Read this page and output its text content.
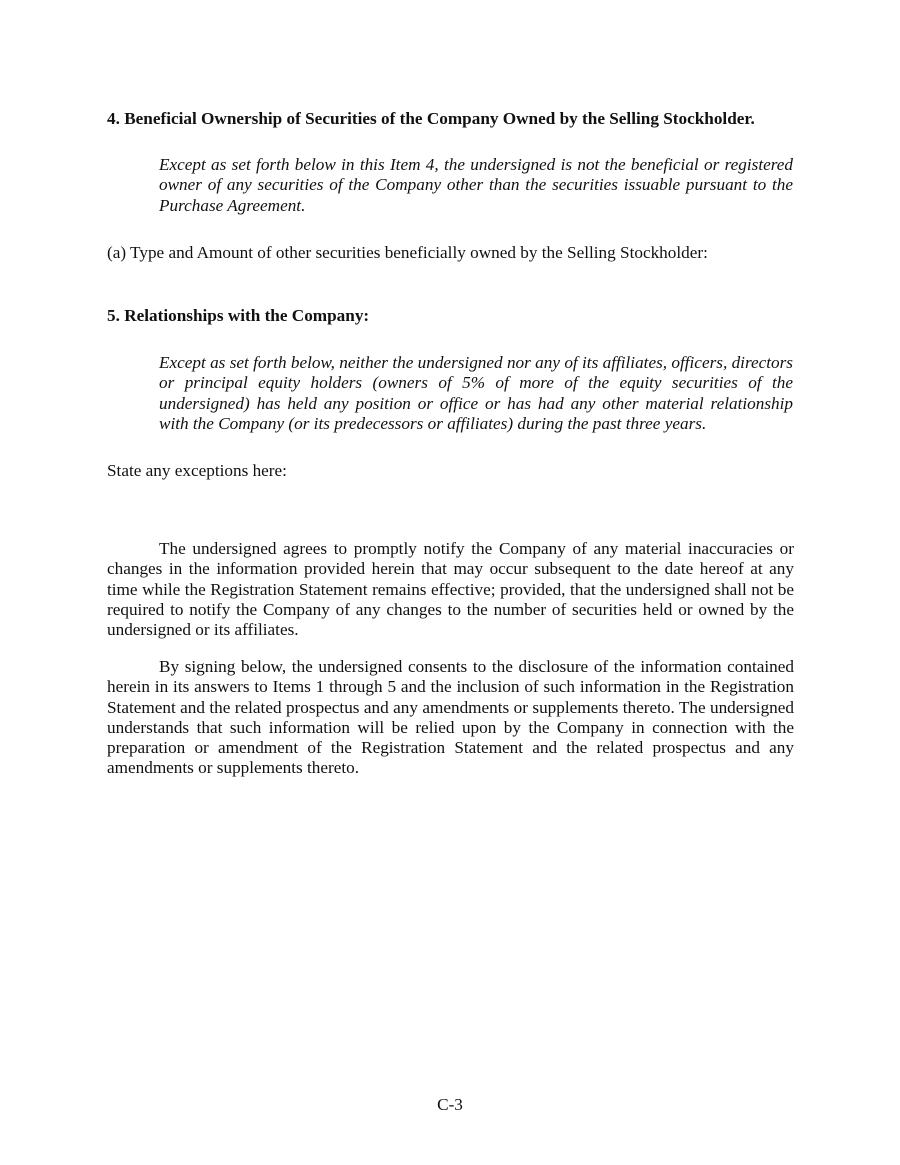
4. Beneficial Ownership of Securities of the Company Owned by the Selling Stockholder.
Except as set forth below in this Item 4, the undersigned is not the beneficial or registered owner of any securities of the Company other than the securities issuable pursuant to the Purchase Agreement.
(a) Type and Amount of other securities beneficially owned by the Selling Stockholder:
5. Relationships with the Company:
Except as set forth below, neither the undersigned nor any of its affiliates, officers, directors or principal equity holders (owners of 5% of more of the equity securities of the undersigned) has held any position or office or has had any other material relationship with the Company (or its predecessors or affiliates) during the past three years.
State any exceptions here:
The undersigned agrees to promptly notify the Company of any material inaccuracies or changes in the information provided herein that may occur subsequent to the date hereof at any time while the Registration Statement remains effective; provided, that the undersigned shall not be required to notify the Company of any changes to the number of securities held or owned by the undersigned or its affiliates.
By signing below, the undersigned consents to the disclosure of the information contained herein in its answers to Items 1 through 5 and the inclusion of such information in the Registration Statement and the related prospectus and any amendments or supplements thereto. The undersigned understands that such information will be relied upon by the Company in connection with the preparation or amendment of the Registration Statement and the related prospectus and any amendments or supplements thereto.
C-3
